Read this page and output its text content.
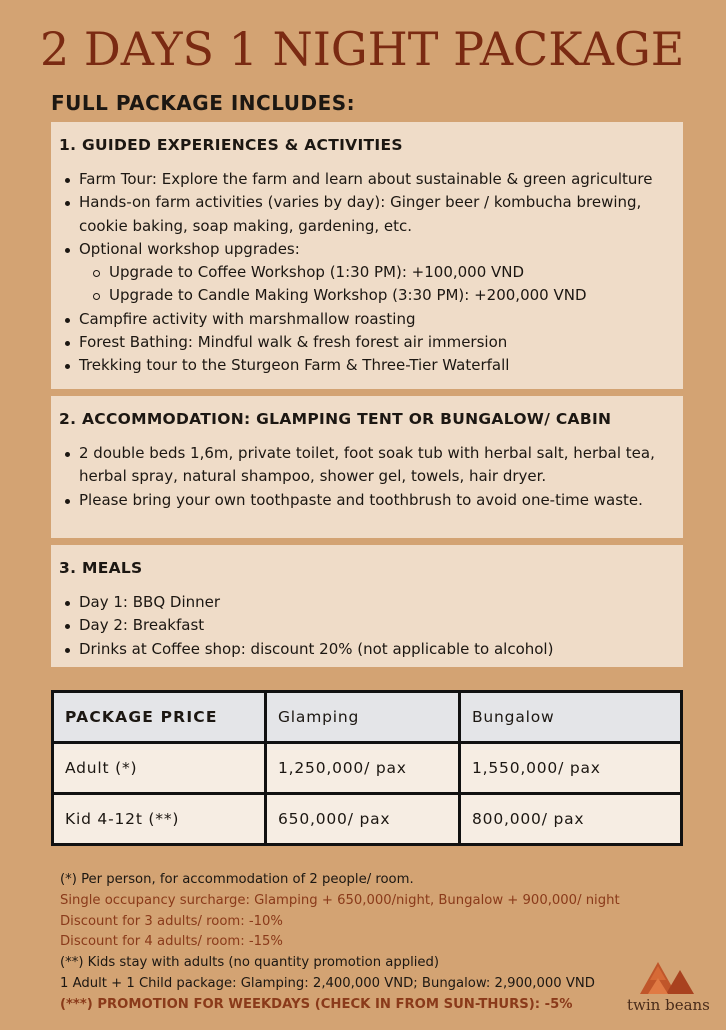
2 DAYS 1 NIGHT PACKAGE
FULL PACKAGE INCLUDES:
1. GUIDED EXPERIENCES & ACTIVITIES
Farm Tour: Explore the farm and learn about sustainable & green agriculture
Hands-on farm activities (varies by day): Ginger beer / kombucha brewing, cookie baking, soap making, gardening, etc.
Optional workshop upgrades:
Upgrade to Coffee Workshop (1:30 PM): +100,000 VND
Upgrade to Candle Making Workshop (3:30 PM): +200,000 VND
Campfire activity with marshmallow roasting
Forest Bathing: Mindful walk & fresh forest air immersion
Trekking tour to the Sturgeon Farm & Three-Tier Waterfall
2. ACCOMMODATION: GLAMPING TENT OR BUNGALOW/ CABIN
2 double beds 1,6m, private toilet, foot soak tub with herbal salt, herbal tea, herbal spray, natural shampoo, shower gel, towels, hair dryer.
Please bring your own toothpaste and toothbrush to avoid one-time waste.
3. MEALS
Day 1: BBQ Dinner
Day 2: Breakfast
Drinks at Coffee shop: discount 20% (not applicable to alcohol)
PACKAGE PRICE	Glamping	Bungalow
Adult (*)	1,250,000/ pax	1,550,000/ pax
Kid 4-12t (**)	650,000/ pax	800,000/ pax
(*) Per person, for accommodation of 2 people/ room.
Single occupancy surcharge: Glamping + 650,000/night, Bungalow + 900,000/ night
Discount for 3 adults/ room: -10%
Discount for 4 adults/ room: -15%
(**) Kids stay with adults (no quantity promotion applied)
1 Adult + 1 Child package: Glamping: 2,400,000 VND; Bungalow: 2,900,000 VND
(***) PROMOTION FOR WEEKDAYS (CHECK IN FROM SUN-THURS): -5%	twin beans
